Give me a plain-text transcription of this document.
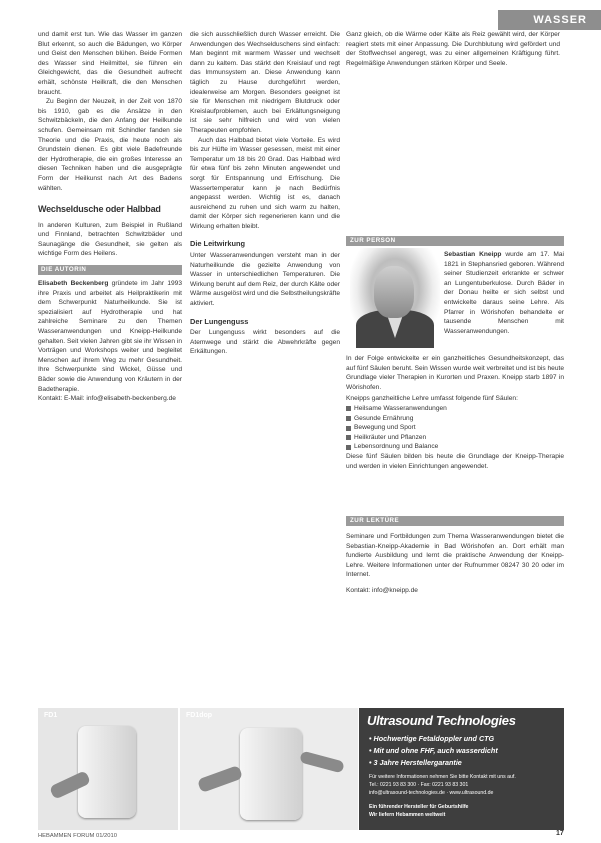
WASSER

und damit erst tun. Wie das Wasser im ganzen Blut erkennt, so auch die Bädungen, wo Körper und Geist den Menschen blühen. Beide Formen des Wasser sind Heilmittel, sie führen ein Gleichgewicht, das die Gesundheit aufrecht erhält, schönste Heilkraft, die den Menschen braucht.

Zu Beginn der Neuzeit, in der Zeit von 1870 bis 1910, gab es die Ansätze in den Schwitzbäckeln, die den Anfang der Heilkunde schufen. Gemeinsam mit Schindler fanden sie Theorie und die Praxis, die heute noch als Grundstein dienen. Es gibt viele Badefreunde der Hydrotherapie, die ein großes Interesse an diesen Techniken haben und die ausgeprägte Form der Heilkunst nach Art des Badens wählten.

Wechseldusche oder Halbbad

In anderen Kulturen, zum Beispiel in Rußland und Finnland, betrachten Schwitzbäder und Saunagänge die Gesundheit, sie gelten als wichtige Form des Heilens.

DIE AUTORIN

Elisabeth Beckenberg gründete im Jahr 1993 ihre Praxis und arbeitet als Heilpraktikerin mit dem Schwerpunkt Naturheilkunde. Sie ist spezialisiert auf Hydrotherapie und hat zahlreiche Seminare zu den Themen Wasseranwendungen und Kneipp-Heilkunde gehalten. Seit vielen Jahren gibt sie ihr Wissen in Vorträgen und Workshops weiter und begleitet Menschen auf ihrem Weg zu mehr Gesundheit. Ihre Schwerpunkte sind Wickel, Güsse und Bäder sowie die Anwendung von Kräutern in der Badetherapie.

Kontakt: E-Mail: info@elisabeth-beckenberg.de

die sich ausschließlich durch Wasser erreicht. Die Anwendungen des Wechselduschens sind einfach: Man beginnt mit warmem Wasser und wechselt dann zu kaltem. Das stärkt den Kreislauf und regt das Immunsystem an. Diese Anwendung kann täglich zu Hause durchgeführt werden, idealerweise am Morgen. Besonders geeignet ist sie für Menschen mit niedrigem Blutdruck oder Kreislaufproblemen, auch bei Erkältungsneigung ist sie sehr hilfreich und wird von vielen Therapeuten empfohlen.

Auch das Halbbad bietet viele Vorteile. Es wird bis zur Hüfte im Wasser gesessen, meist mit einer Temperatur um 18 bis 20 Grad. Das Halbbad wird für etwa fünf bis zehn Minuten angewendet und sorgt für Entspannung und Erfrischung. Die Wassertemperatur kann je nach Bedürfnis angepasst werden. Wichtig ist es, danach ausreichend zu ruhen und sich warm zu halten, damit der Körper sich regenerieren kann und die Wirkung erhalten bleibt.

Die Leitwirkung

Unter Wasseranwendungen versteht man in der Naturheilkunde die gezielte Anwendung von Wasser in unterschiedlichen Temperaturen. Die Wirkung beruht auf dem Reiz, der durch Kälte oder Wärme ausgelöst wird und die Selbstheilungskräfte aktiviert.

Der Lungenguss

Der Lungenguss wirkt besonders auf die Atemwege und stärkt die Abwehrkräfte gegen Erkältungen.

Ganz gleich, ob die Wärme oder Kälte als Reiz gewählt wird, der Körper reagiert stets mit einer Anpassung. Die Durchblutung wird gefördert und der Stoffwechsel angeregt, was zu einer allgemeinen Kräftigung führt. Regelmäßige Anwendungen stärken Körper und Seele.

ZUR PERSON

Sebastian Kneipp wurde am 17. Mai 1821 in Stephansried geboren. Während seiner Studienzeit erkrankte er schwer an Lungentuberkulose. Durch Bäder in der Donau heilte er sich selbst und entwickelte daraus seine Lehre. Als Pfarrer in Wörishofen behandelte er tausende Menschen mit Wasseranwendungen.

In der Folge entwickelte er ein ganzheitliches Gesundheitskonzept, das auf fünf Säulen beruht. Sein Wissen wurde weit verbreitet und ist bis heute Grundlage vieler Therapien in Kurorten und Praxen. Kneipp starb 1897 in Wörishofen.

Kneipps ganzheitliche Lehre umfasst folgende fünf Säulen:

Heilsame Wasseranwendungen
Gesunde Ernährung
Bewegung und Sport
Heilkräuter und Pflanzen
Lebensordnung und Balance

Diese fünf Säulen bilden bis heute die Grundlage der Kneipp-Therapie und werden in vielen Einrichtungen angewendet.

ZUR LEKTÜRE

Seminare und Fortbildungen zum Thema Wasseranwendungen bietet die Sebastian-Kneipp-Akademie in Bad Wörishofen an. Dort erhält man fundierte Ausbildung und lernt die praktische Anwendung der Kneipp-Lehre. Weitere Informationen unter der Rufnummer 08247 30 20 oder im Internet.

Kontakt: info@kneipp.de

FD1	FD1dop	Ultrasound Technologies
• Hochwertige Fetaldoppler und CTG
• Mit und ohne FHF, auch wasserdicht
• 3 Jahre Herstellergarantie
Für weitere Informationen nehmen Sie bitte Kontakt mit uns auf.
Tel.: 0221 93 83 300 · Fax: 0221 93 83 301
info@ultrasound-technologies.de · www.ultrasound.de
Ein führender Hersteller für Geburtshilfe
Wir liefern Hebammen weltweit
HEBAMMEN FORUM 01/2010	17
